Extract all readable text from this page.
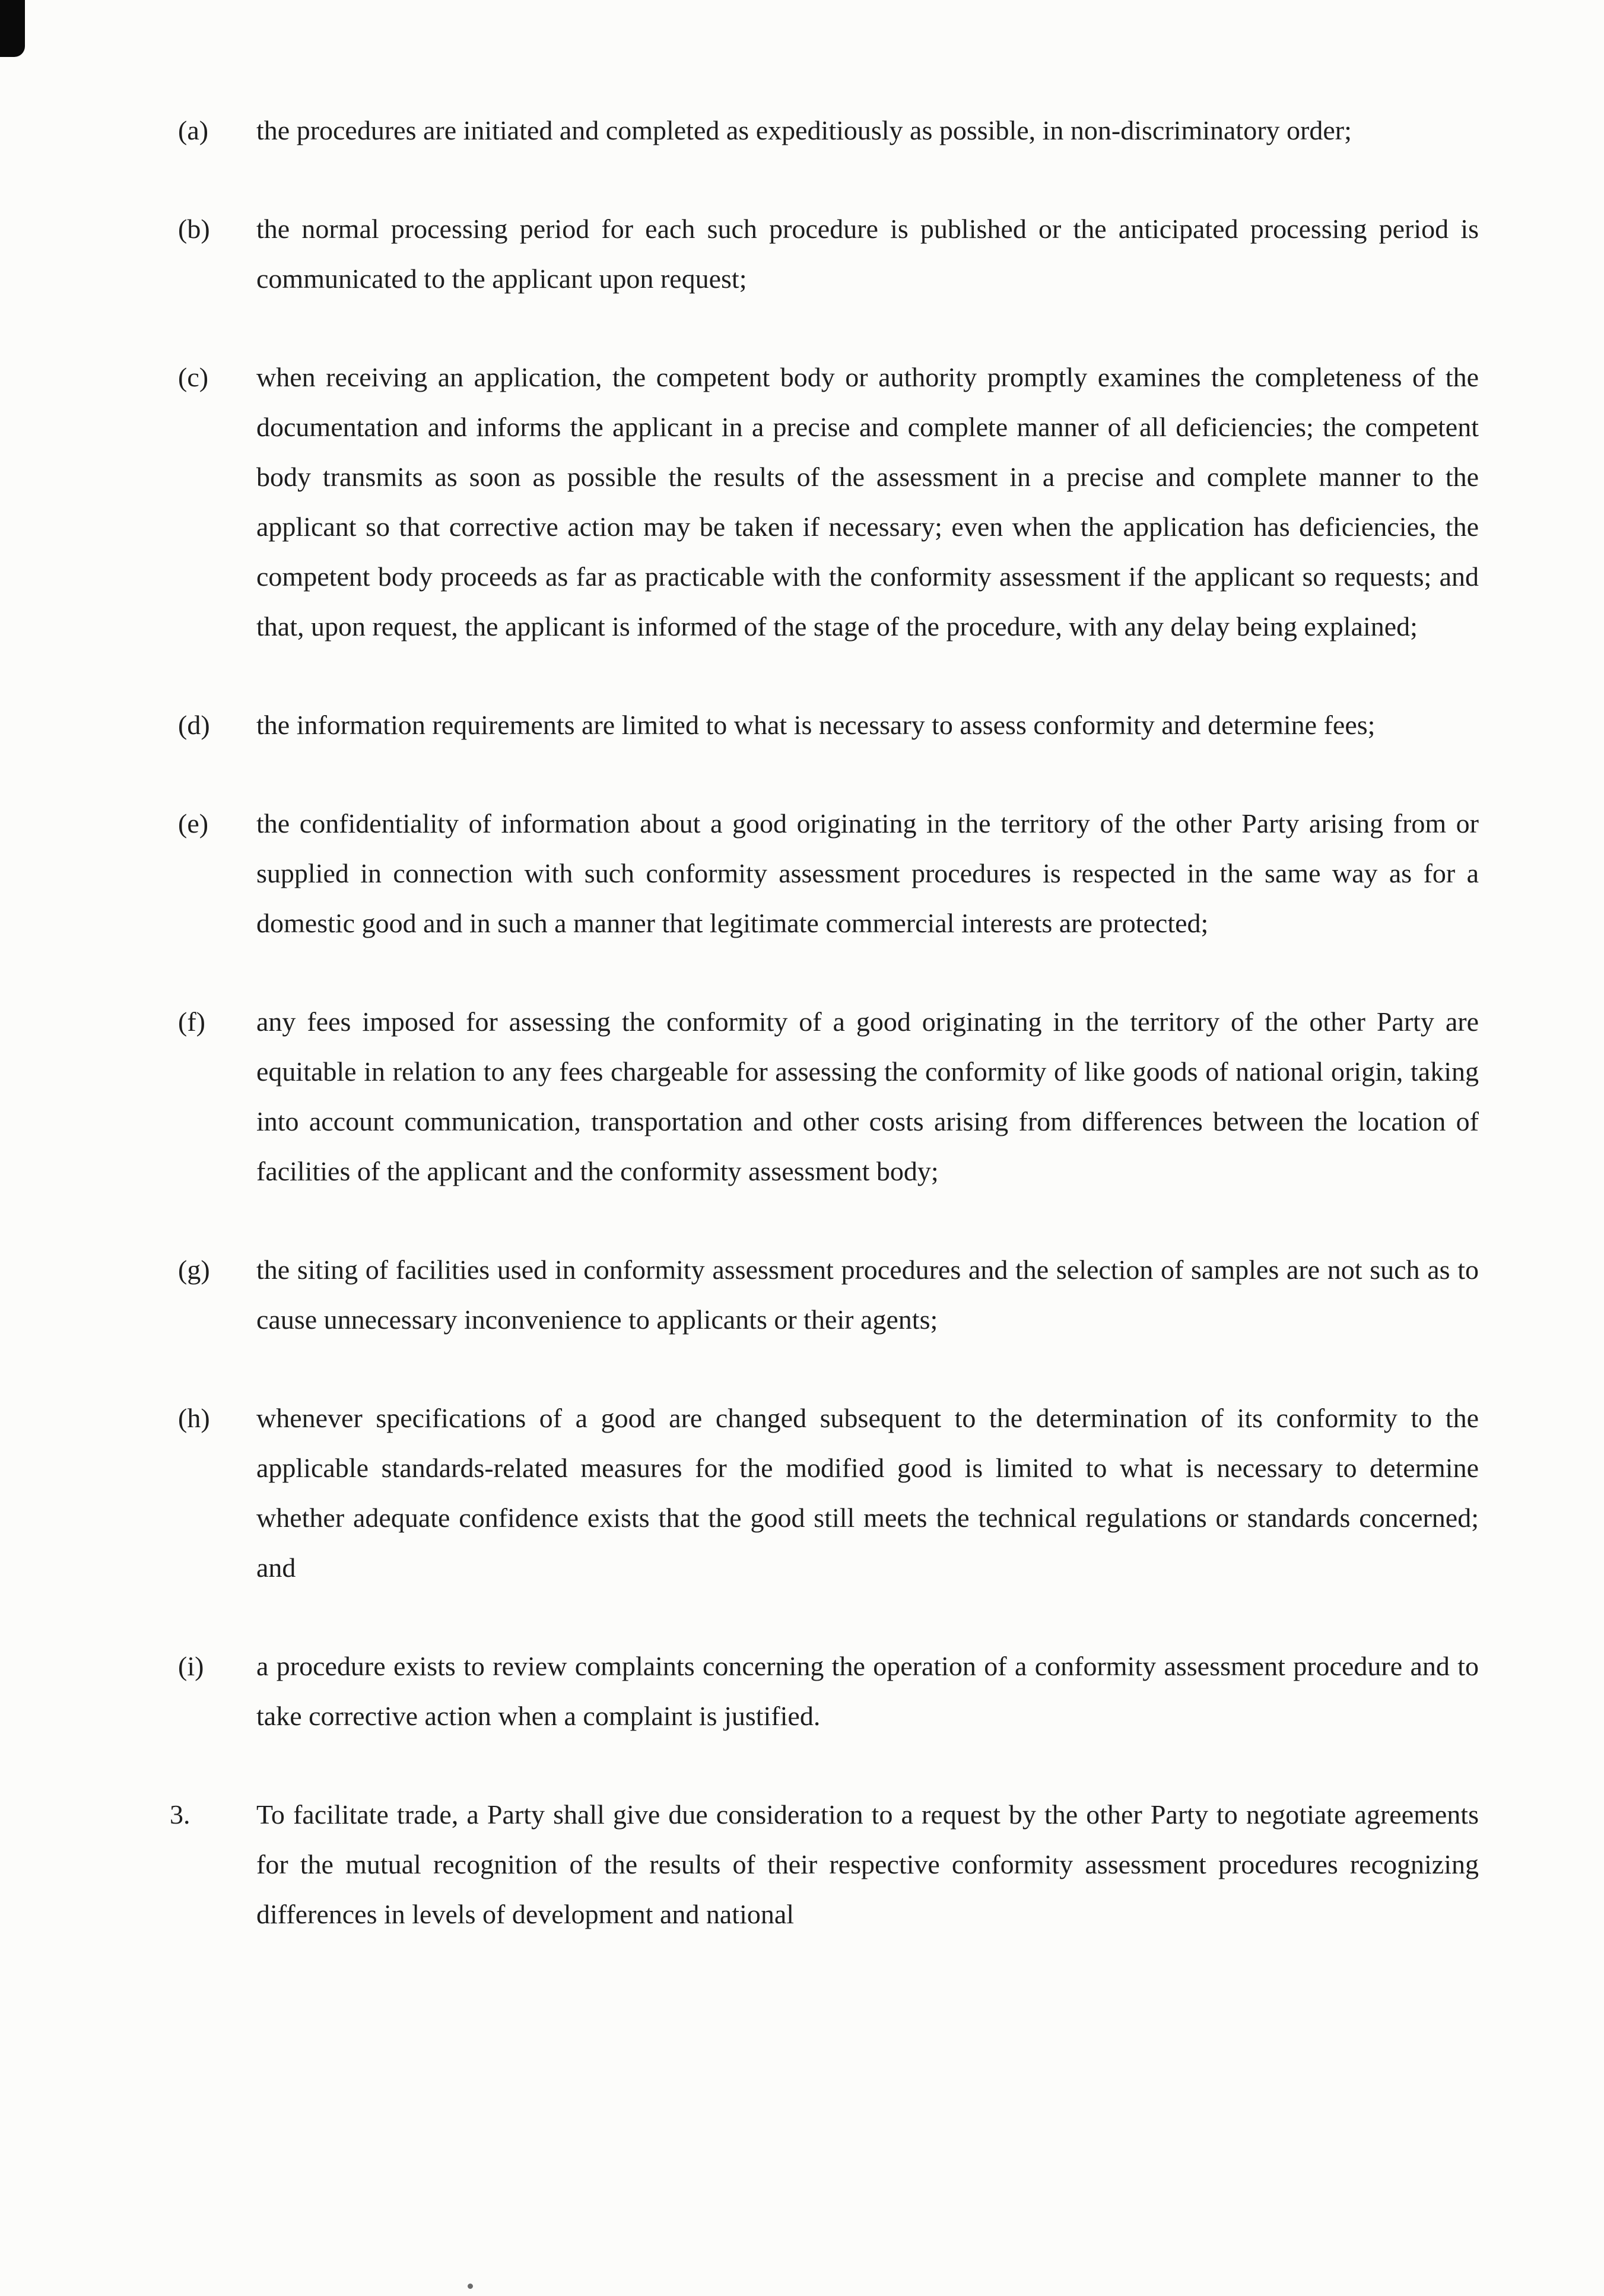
(a)	the procedures are initiated and completed as expeditiously as possible, in non-discriminatory order;
(b)	the normal processing period for each such procedure is published or the anticipated processing period is communicated to the applicant upon request;
(c)	when receiving an application, the competent body or authority promptly examines the completeness of the documentation and informs the applicant in a precise and complete manner of all deficiencies; the competent body transmits as soon as possible the results of the assessment in a precise and complete manner to the applicant so that corrective action may be taken if necessary; even when the application has deficiencies, the competent body proceeds as far as practicable with the conformity assessment if the applicant so requests; and that, upon request, the applicant is informed of the stage of the procedure, with any delay being explained;
(d)	the information requirements are limited to what is necessary to assess conformity and determine fees;
(e)	the confidentiality of information about a good originating in the territory of the other Party arising from or supplied in connection with such conformity assessment procedures is respected in the same way as for a domestic good and in such a manner that legitimate commercial interests are protected;
(f)	any fees imposed for assessing the conformity of a good originating in the territory of the other Party are equitable in relation to any fees chargeable for assessing the conformity of like goods of national origin, taking into account communication, transportation and other costs arising from differences between the location of facilities of the applicant and the conformity assessment body;
(g)	the siting of facilities used in conformity assessment procedures and the selection of samples are not such as to cause unnecessary inconvenience to applicants or their agents;
(h)	whenever specifications of a good are changed subsequent to the determination of its conformity to the applicable standards-related measures for the modified good is limited to what is necessary to determine whether adequate confidence exists that the good still meets the technical regulations or standards concerned; and
(i)	a procedure exists to review complaints concerning the operation of a conformity assessment procedure and to take corrective action when a complaint is justified.
3.	To facilitate trade, a Party shall give due consideration to a request by the other Party to negotiate agreements for the mutual recognition of the results of their respective conformity assessment procedures recognizing differences in levels of development and national
